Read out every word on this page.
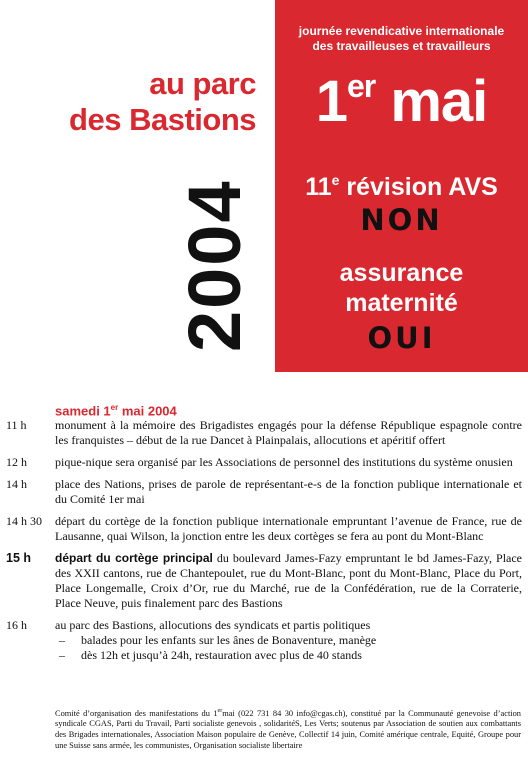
au parc
des Bastions
2004
journée revendicative internationale
des travailleuses et travailleurs
1er mai
11e révision AVS
NON
assurance
maternité
OUI
samedi 1er mai 2004
11 h	monument à la mémoire des Brigadistes engagés pour la défense République espagnole contre les franquistes – début de la rue Dancet à Plainpalais, allocutions et apéritif offert
12 h	pique-nique sera organisé par les Associations de personnel des institutions du système onusien
14 h	place des Nations, prises de parole de représentant-e-s de la fonction publique internationale et du Comité 1er mai
14 h 30	départ du cortège de la fonction publique internationale empruntant l’avenue de France, rue de Lausanne, quai Wilson, la jonction entre les deux cortèges se fera au pont du Mont-Blanc
15 h	départ du cortège principal du boulevard James-Fazy empruntant le bd James-Fazy, Place des XXII cantons, rue de Chantepoulet, rue du Mont-Blanc, pont du Mont-Blanc, Place du Port, Place Longemalle, Croix d’Or, rue du Marché, rue de la Confédération, rue de la Corraterie, Place Neuve, puis finalement parc des Bastions
16 h	au parc des Bastions, allocutions des syndicats et partis politiques
– balades pour les enfants sur les ânes de Bonaventure, manège
– dès 12h et jusqu’à 24h, restauration avec plus de 40 stands
Comité d’organisation des manifestations du 1ermai (022 731 84 30 info@cgas.ch), constitué par la Communauté genevoise d’action syndicale CGAS, Parti du Travail, Parti socialiste genevois , solidaritéS, Les Verts; soutenus par Association de soutien aux combattants des Brigades internationales, Association Maison populaire de Genève, Collectif 14 juin, Comité amérique centrale, Equité, Groupe pour une Suisse sans armée, les communistes, Organisation socialiste libertaire
